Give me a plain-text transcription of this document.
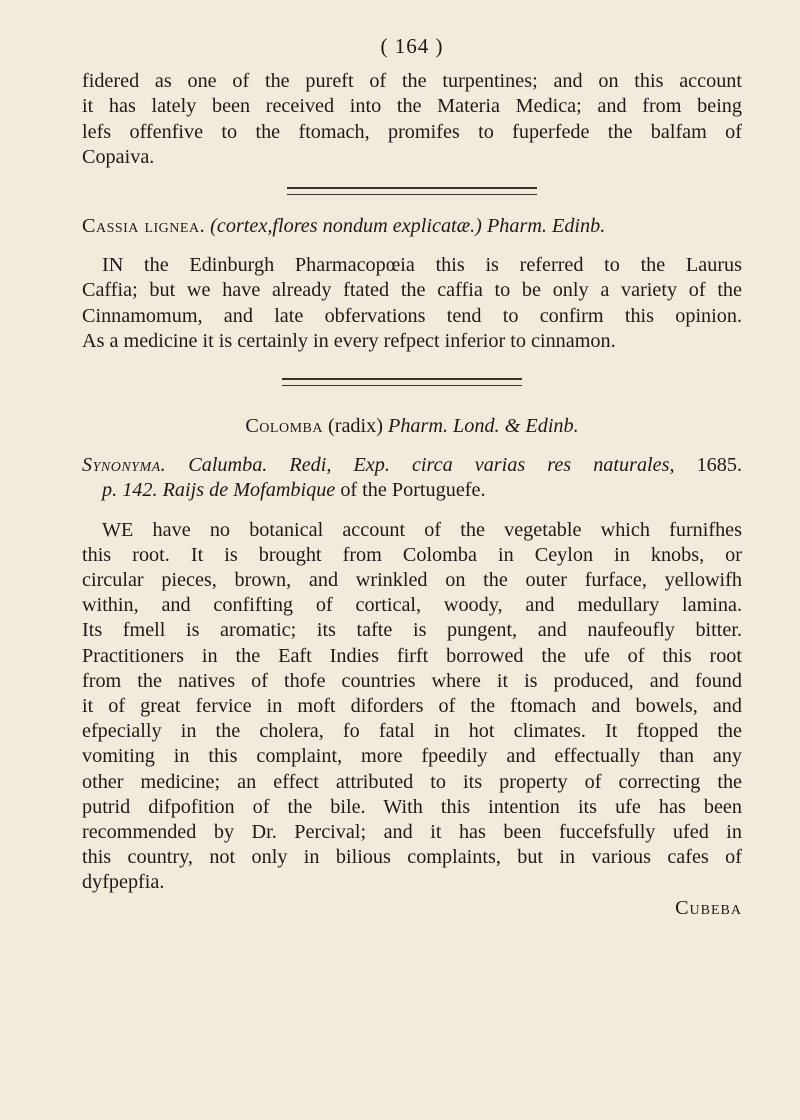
( 164 )

fidered as one of the pureft of the turpentines; and on this account
it has lately been received into the Materia Medica; and from being
lefs offenfive to the ftomach, promifes to fuperfede the balfam of
Copaiva.

Cassia lignea. (cortex,flores nondum explicatæ.) Pharm. Edinb.

IN the Edinburgh Pharmacopœia this is referred to the Laurus
Caffia; but we have already ftated the caffia to be only a variety of the
Cinnamomum, and late obfervations tend to confirm this opinion.
As a medicine it is certainly in every refpect inferior to cinnamon.

Colomba (radix) Pharm. Lond. & Edinb.

Synonyma. Calumba. Redi, Exp. circa varias res naturales, 1685.
p. 142. Raijs de Mofambique of the Portuguefe.

WE have no botanical account of the vegetable which furnifhes
this root. It is brought from Colomba in Ceylon in knobs, or
circular pieces, brown, and wrinkled on the outer furface, yellowifh
within, and confifting of cortical, woody, and medullary lamina.
Its fmell is aromatic; its tafte is pungent, and naufeoufly bitter.
Practitioners in the Eaft Indies firft borrowed the ufe of this root
from the natives of thofe countries where it is produced, and found
it of great fervice in moft diforders of the ftomach and bowels, and
efpecially in the cholera, fo fatal in hot climates. It ftopped the
vomiting in this complaint, more fpeedily and effectually than any
other medicine; an effect attributed to its property of correcting the
putrid difpofition of the bile. With this intention its ufe has been
recommended by Dr. Percival; and it has been fuccefsfully ufed in
this country, not only in bilious complaints, but in various cafes of
dyfpepfia.

Cubeba
